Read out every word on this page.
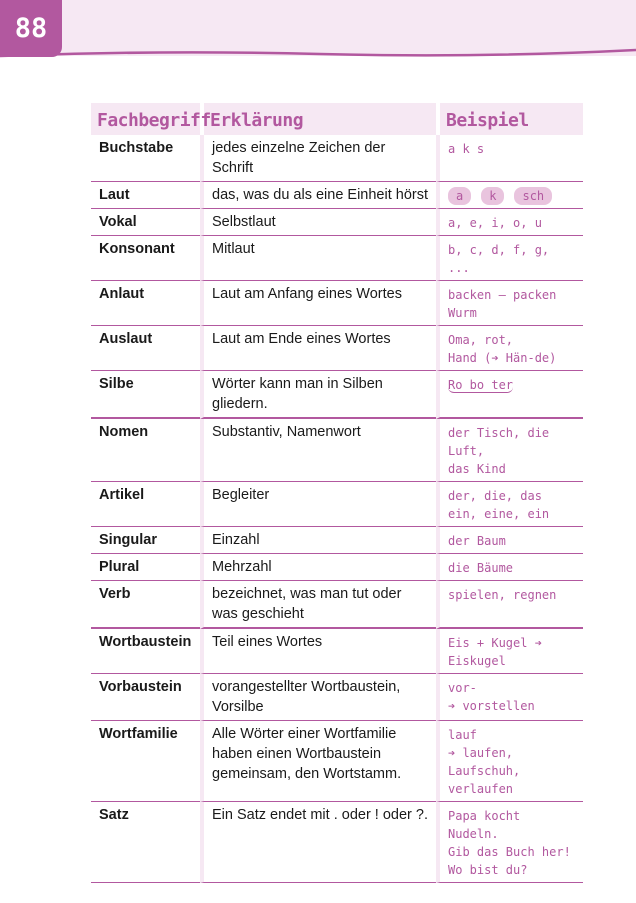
88
Fachbegriff	Erklärung	Beispiel
Buchstabe	jedes einzelne Zeichen der Schrift	a k s
Laut	das, was du als eine Einheit hörst	a k sch
Vokal	Selbstlaut	a, e, i, o, u
Konsonant	Mitlaut	b, c, d, f, g, ...
Anlaut	Laut am Anfang eines Wortes	backen – packen
Wurm

Auslaut	Laut am Ende eines Wortes	Oma, rot,
Hand (➔ Hän-de)

Silbe	Wörter kann man in Silben gliedern.	Ro bo ter
Nomen	Substantiv, Namenwort	der Tisch, die Luft,
das Kind

Artikel	Begleiter	der, die, das
ein, eine, ein

Singular	Einzahl	der Baum
Plural	Mehrzahl	die Bäume
Verb	bezeichnet, was man tut oder was geschieht	spielen, regnen
Wortbaustein	Teil eines Wortes	Eis + Kugel ➔ Eiskugel
Vorbaustein	vorangestellter Wortbaustein, Vorsilbe	vor-
➔ vorstellen

Wortfamilie	Alle Wörter einer Wortfamilie haben einen Wortbaustein gemeinsam, den Wortstamm.	lauf
➔ laufen, Laufschuh,
verlaufen

Satz	Ein Satz endet mit . oder ! oder ?.	Papa kocht Nudeln.
Gib das Buch her!
Wo bist du?
